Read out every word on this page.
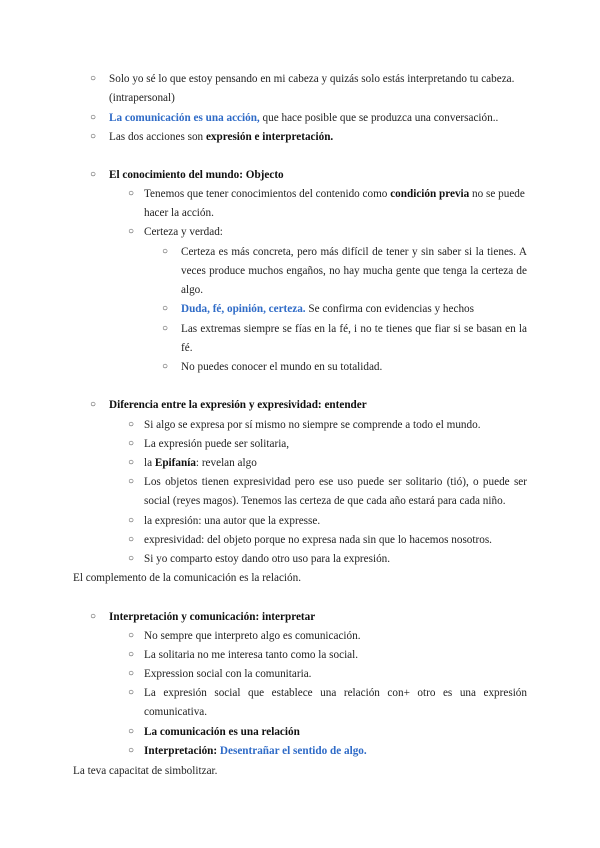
○ Solo yo sé lo que estoy pensando en mi cabeza y quizás solo estás interpretando tu cabeza.
(intrapersonal)
○ La comunicación es una acción, que hace posible que se produzca una conversación..
○ Las dos acciones son expresión e interpretación.
○ El conocimiento del mundo: Objecto
○ Tenemos que tener conocimientos del contenido como condición previa no se puede
hacer la acción.
○ Certeza y verdad:
○ Certeza es más concreta, pero más difícil de tener y sin saber si la tienes. A
veces produce muchos engaños, no hay mucha gente que tenga la certeza de
algo.
○ Duda, fé, opinión, certeza. Se confirma con evidencias y hechos
○ Las extremas siempre se fías en la fé, i no te tienes que fiar si se basan en la
fé.
○ No puedes conocer el mundo en su totalidad.
○ Diferencia entre la expresión y expresividad: entender
○ Si algo se expresa por sí mismo no siempre se comprende a todo el mundo.
○ La expresión puede ser solitaria,
○ la Epifanía: revelan algo
○ Los objetos tienen expresividad pero ese uso puede ser solitario (tió), o puede ser
social (reyes magos). Tenemos las certeza de que cada año estará para cada niño.
○ la expresión: una autor que la expresse.
○ expresividad: del objeto porque no expresa nada sin que lo hacemos nosotros.
○ Si yo comparto estoy dando otro uso para la expresión.
El complemento de la comunicación es la relación.
○ Interpretación y comunicación: interpretar
○ No sempre que interpreto algo es comunicación.
○ La solitaria no me interesa tanto como la social.
○ Expression social con la comunitaria.
○ La expresión social que establece una relación con+ otro es una expresión
comunicativa.
○ La comunicación es una relación
○ Interpretación: Desentrañar el sentido de algo.
La teva capacitat de simbolitzar.
